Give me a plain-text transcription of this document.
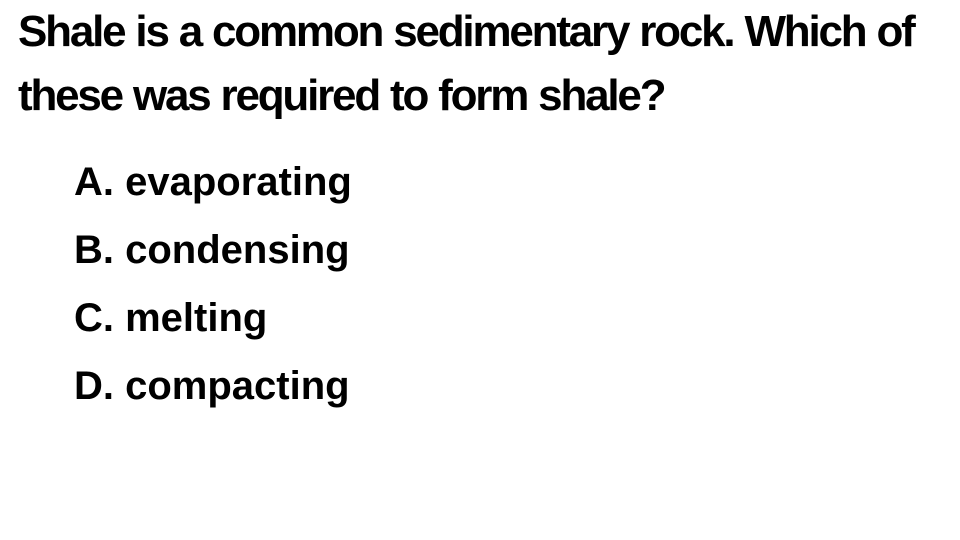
Shale is a common sedimentary rock. Which of these was required to form shale?

A. evaporating
B. condensing
C. melting
D. compacting
